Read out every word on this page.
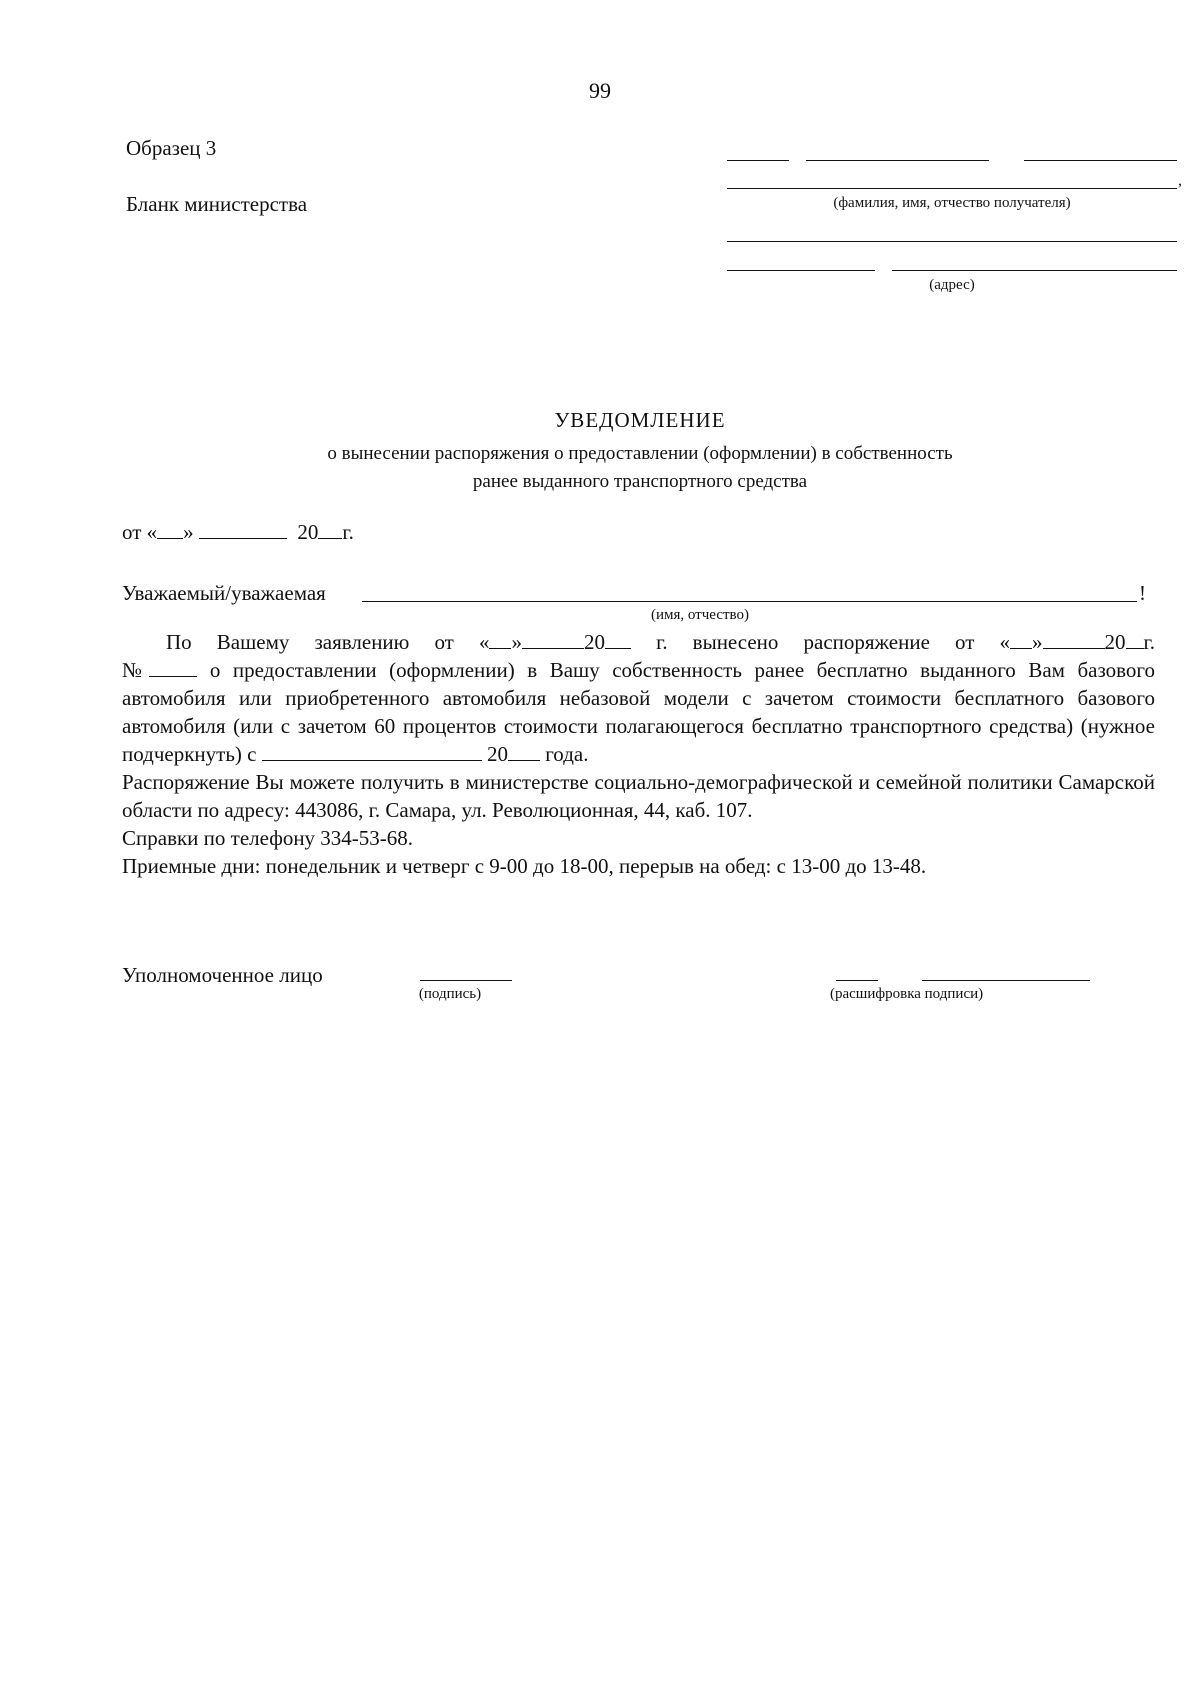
99
Образец 3
Бланк министерства
,
(фамилия, имя, отчество получателя)
(адрес)
УВЕДОМЛЕНИЕ
о вынесении распоряжения о предоставлении (оформлении) в собственность
ранее выданного транспортного средства
от « »	20 г.
Уважаемый/уважаемая	!
(имя, отчество)

По Вашему заявлению от « »	20 г. вынесено распоряжение от « »	20 г.

№	о предоставлении (оформлении) в Вашу собственность ранее бесплатно выданного Вам базового автомобиля или приобретенного автомобиля небазовой модели с зачетом стоимости бесплатного базового автомобиля (или с зачетом 60 процентов стоимости полагающегося бесплатно транспортного средства) (нужное подчеркнуть) с	20 года.

Распоряжение Вы можете получить в министерстве социально-демографической и семейной политики Самарской области по адресу: 443086, г. Самара, ул. Революционная, 44, каб. 107.

Справки по телефону 334-53-68.

Приемные дни: понедельник и четверг с 9-00 до 18-00, перерыв на обед: с 13-00 до 13-48.

Уполномоченное лицо
(подпись)	(расшифровка подписи)
